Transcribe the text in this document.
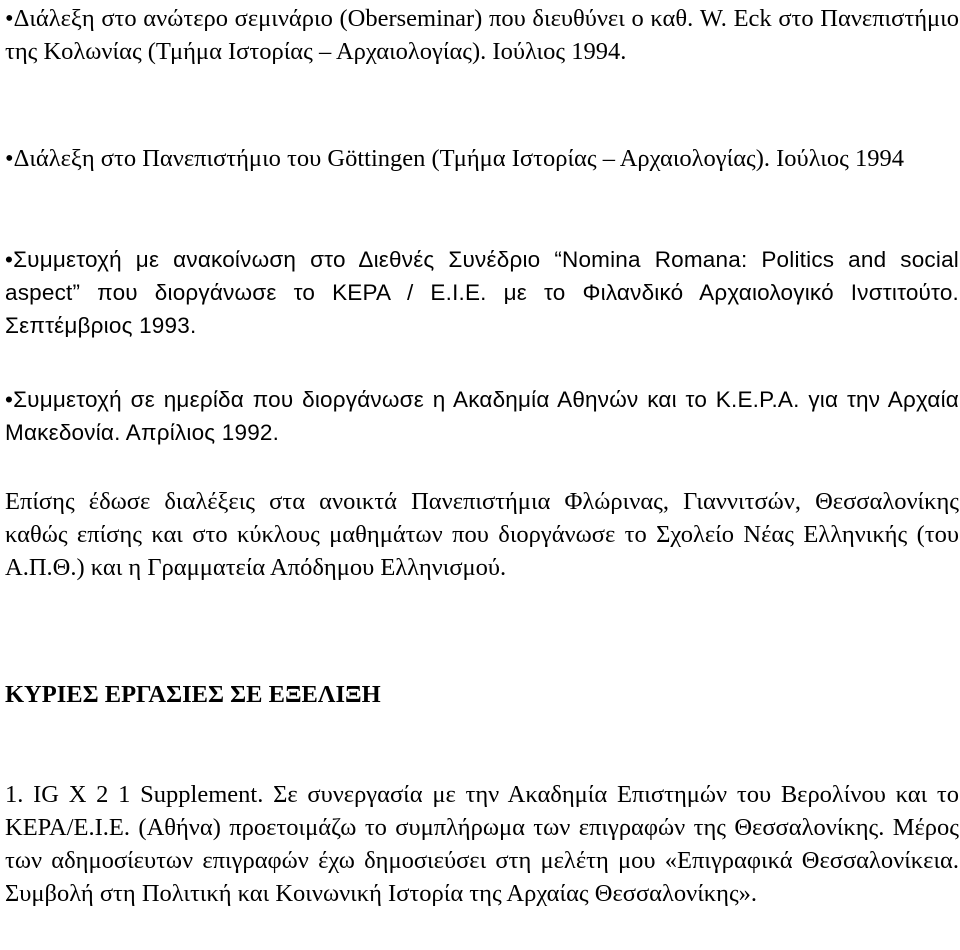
•Διάλεξη στο ανώτερο σεμινάριο (Oberseminar) που διευθύνει ο καθ. W. Eck στο Πανεπιστήμιο της Κολωνίας (Τμήμα Ιστορίας – Αρχαιολογίας). Ιούλιος 1994.

•Διάλεξη στο Πανεπιστήμιο του Göttingen (Τμήμα Ιστορίας – Αρχαιολογίας). Ιούλιος 1994

•Συμμετοχή με ανακοίνωση στο Διεθνές Συνέδριο “Nomina Romana: Politics and social aspect” που διοργάνωσε το ΚΕΡΑ / Ε.Ι.Ε. με το Φιλανδικό Αρχαιολογικό Ινστιτούτο. Σεπτέμβριος 1993.

•Συμμετοχή σε ημερίδα που διοργάνωσε η Ακαδημία Αθηνών και το Κ.Ε.Ρ.Α. για την Αρχαία Μακεδονία. Απρίλιος 1992.

Επίσης έδωσε διαλέξεις στα ανοικτά Πανεπιστήμια Φλώρινας, Γιαννιτσών, Θεσσαλονίκης καθώς επίσης και στο κύκλους μαθημάτων που διοργάνωσε το Σχολείο Νέας Ελληνικής (του Α.Π.Θ.) και η Γραμματεία Απόδημου Ελληνισμού.

ΚΥΡΙΕΣ ΕΡΓΑΣΙΕΣ ΣΕ ΕΞΕΛΙΞΗ

1. IG X 2 1 Supplement. Σε συνεργασία με την Ακαδημία Επιστημών του Βερολίνου και το ΚΕΡΑ/Ε.Ι.Ε. (Αθήνα) προετοιμάζω το συμπλήρωμα των επιγραφών της Θεσσαλονίκης. Μέρος των αδημοσίευτων επιγραφών έχω δημοσιεύσει στη μελέτη μου «Επιγραφικά Θεσσαλονίκεια. Συμβολή στη Πολιτική και Κοινωνική Ιστορία της Αρχαίας Θεσσαλονίκης».
